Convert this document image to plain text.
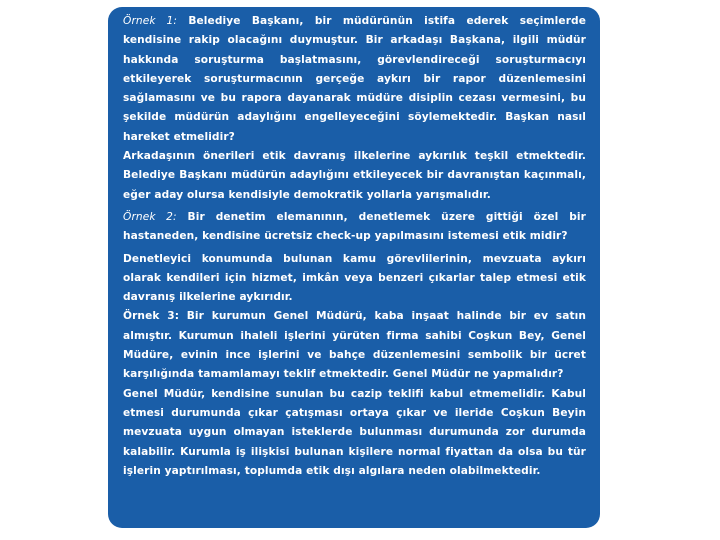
Örnek 1: Belediye Başkanı, bir müdürünün istifa ederek seçimlerde kendisine rakip olacağını duymuştur. Bir arkadaşı Başkana, ilgili müdür hakkında soruşturma başlatmasını, görevlendireceği soruşturmacıyı etkileyerek soruşturmacının gerçeğe aykırı bir rapor düzenlemesini sağlamasını ve bu rapora dayanarak müdüre disiplin cezası vermesini, bu şekilde müdürün adaylığını engelleyeceğini söylemektedir. Başkan nasıl hareket etmelidir?

Arkadaşının önerileri etik davranış ilkelerine aykırılık teşkil etmektedir. Belediye Başkanı müdürün adaylığını etkileyecek bir davranıştan kaçınmalı, eğer aday olursa kendisiyle demokratik yollarla yarışmalıdır.

Örnek 2: Bir denetim elemanının, denetlemek üzere gittiği özel bir hastaneden, kendisine ücretsiz check-up yapılmasını istemesi etik midir?

Denetleyici konumunda bulunan kamu görevlilerinin, mevzuata aykırı olarak kendileri için hizmet, imkân veya benzeri çıkarlar talep etmesi etik davranış ilkelerine aykırıdır.

Örnek 3: Bir kurumun Genel Müdürü, kaba inşaat halinde bir ev satın almıştır. Kurumun ihaleli işlerini yürüten firma sahibi Coşkun Bey, Genel Müdüre, evinin ince işlerini ve bahçe düzenlemesini sembolik bir ücret karşılığında tamamlamayı teklif etmektedir. Genel Müdür ne yapmalıdır?

Genel Müdür, kendisine sunulan bu cazip teklifi kabul etmemelidir. Kabul etmesi durumunda çıkar çatışması ortaya çıkar ve ileride Coşkun Beyin mevzuata uygun olmayan isteklerde bulunması durumunda zor durumda kalabilir. Kurumla iş ilişkisi bulunan kişilere normal fiyattan da olsa bu tür işlerin yaptırılması, toplumda etik dışı algılara neden olabilmektedir.
